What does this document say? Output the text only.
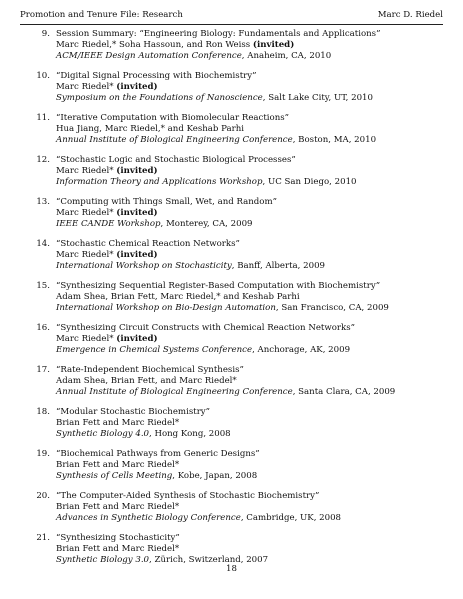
Promotion and Tenure File: Research	Marc D. Riedel
9. Session Summary: “Engineering Biology: Fundamentals and Applications”
Marc Riedel,* Soha Hassoun, and Ron Weiss (invited)
ACM/IEEE Design Automation Conference, Anaheim, CA, 2010
10. “Digital Signal Processing with Biochemistry”
Marc Riedel* (invited)
Symposium on the Foundations of Nanoscience, Salt Lake City, UT, 2010
11. “Iterative Computation with Biomolecular Reactions”
Hua Jiang, Marc Riedel,* and Keshab Parhi
Annual Institute of Biological Engineering Conference, Boston, MA, 2010
12. “Stochastic Logic and Stochastic Biological Processes”
Marc Riedel* (invited)
Information Theory and Applications Workshop, UC San Diego, 2010
13. “Computing with Things Small, Wet, and Random”
Marc Riedel* (invited)
IEEE CANDE Workshop, Monterey, CA, 2009
14. “Stochastic Chemical Reaction Networks”
Marc Riedel* (invited)
International Workshop on Stochasticity, Banff, Alberta, 2009
15. “Synthesizing Sequential Register-Based Computation with Biochemistry”
Adam Shea, Brian Fett, Marc Riedel,* and Keshab Parhi
International Workshop on Bio-Design Automation, San Francisco, CA, 2009
16. “Synthesizing Circuit Constructs with Chemical Reaction Networks”
Marc Riedel* (invited)
Emergence in Chemical Systems Conference, Anchorage, AK, 2009
17. “Rate-Independent Biochemical Synthesis”
Adam Shea, Brian Fett, and Marc Riedel*
Annual Institute of Biological Engineering Conference, Santa Clara, CA, 2009
18. “Modular Stochastic Biochemistry”
Brian Fett and Marc Riedel*
Synthetic Biology 4.0, Hong Kong, 2008
19. “Biochemical Pathways from Generic Designs”
Brian Fett and Marc Riedel*
Synthesis of Cells Meeting, Kobe, Japan, 2008
20. “The Computer-Aided Synthesis of Stochastic Biochemistry”
Brian Fett and Marc Riedel*
Advances in Synthetic Biology Conference, Cambridge, UK, 2008
21. “Synthesizing Stochasticity”
Brian Fett and Marc Riedel*
Synthetic Biology 3.0, Zürich, Switzerland, 2007
18
